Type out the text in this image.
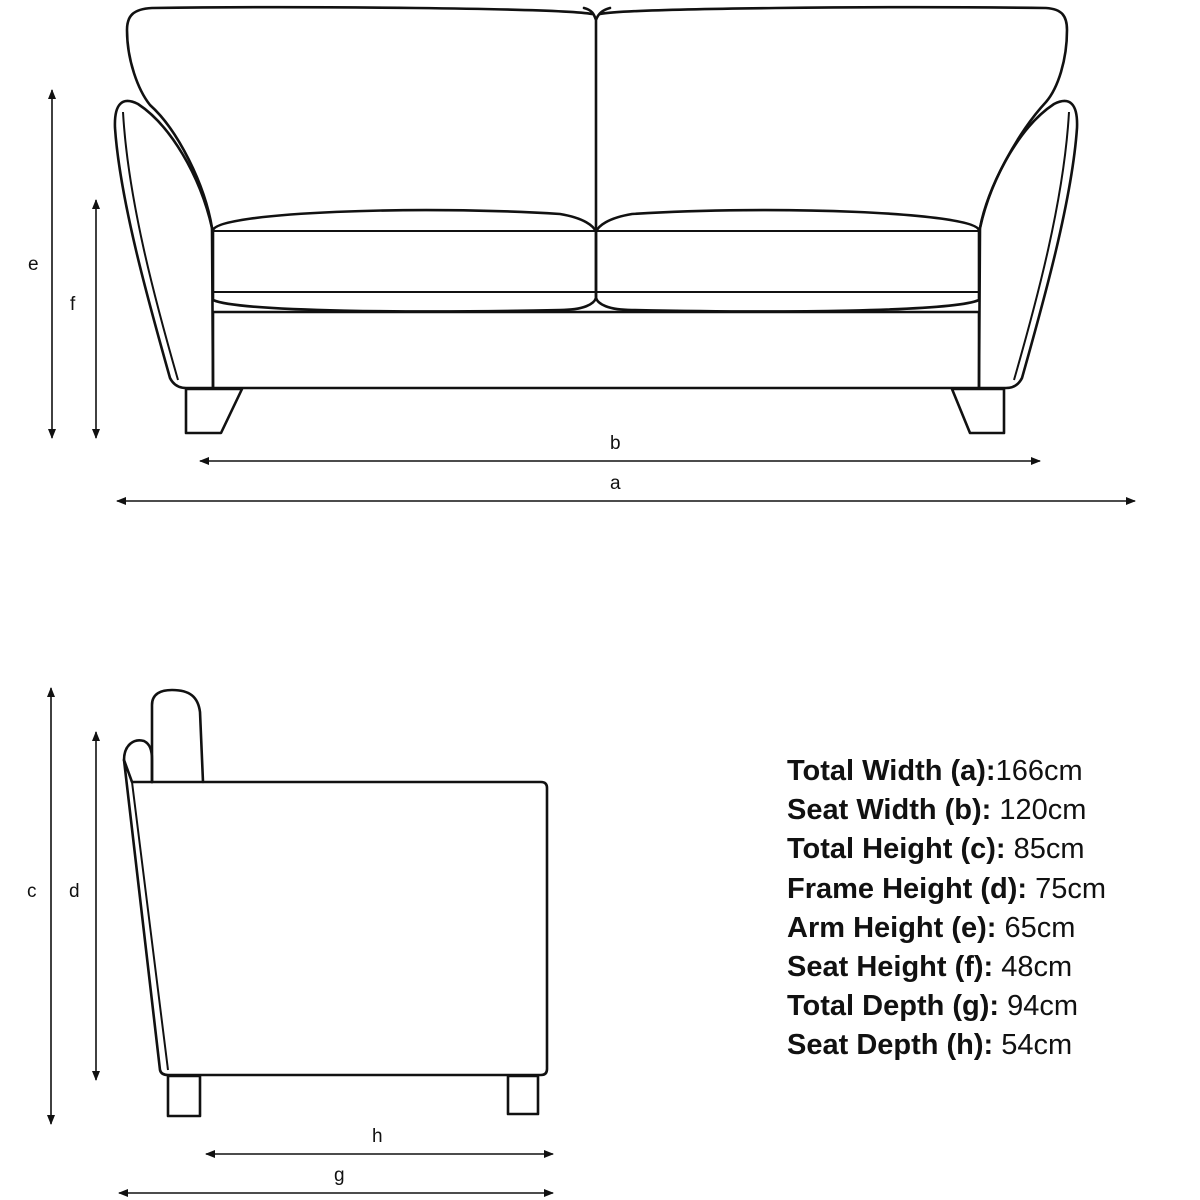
e
f
b
a
c d
h
g
Total Width (a):166cm
Seat Width (b): 120cm
Total Height (c): 85cm
Frame Height (d): 75cm
Arm Height (e): 65cm
Seat Height (f): 48cm
Total Depth (g): 94cm
Seat Depth (h): 54cm
